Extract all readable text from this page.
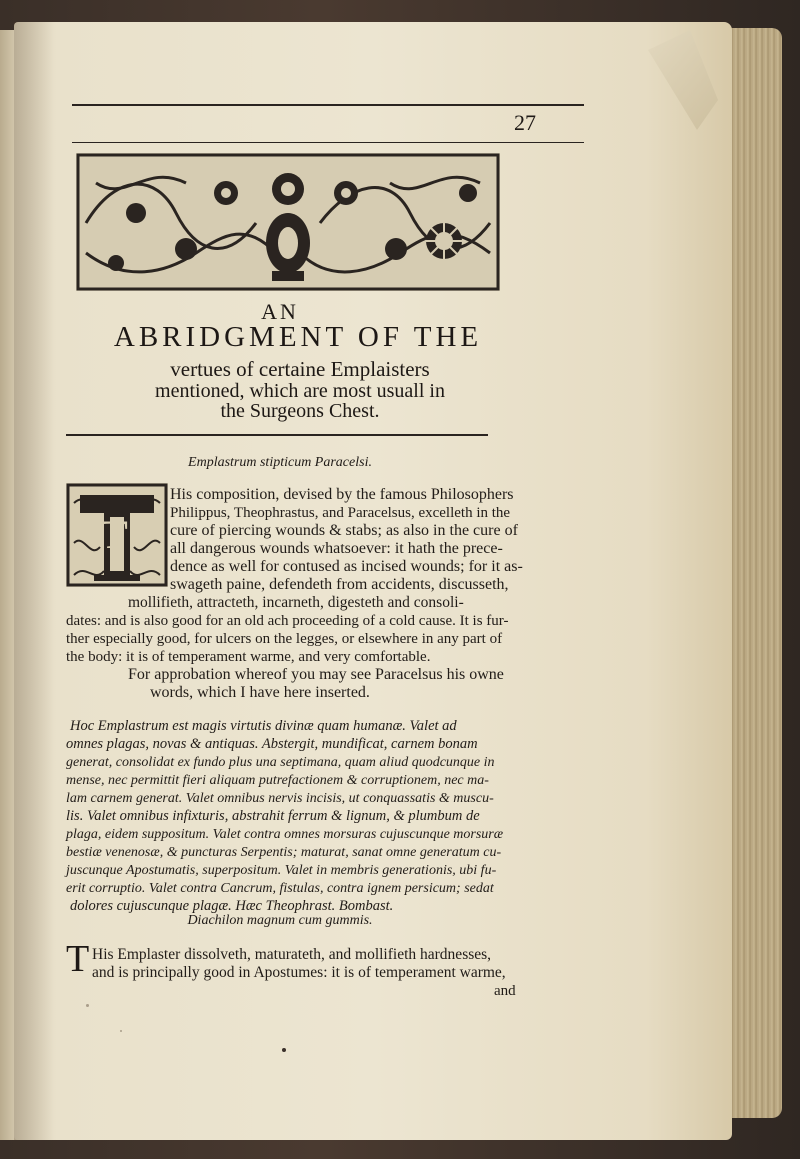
27
AN
ABRIDGMENT OF THE
vertues of certaine Emplaisters
mentioned, which are most usuall in
the Surgeons Chest.
Emplastrum stipticum Paracelsi.
T
His composition, devised by the famous Philosophers
Philippus, Theophrastus, and Paracelsus, excelleth in the
cure of piercing wounds & stabs; as also in the cure of
all dangerous wounds whatsoever: it hath the prece-
dence as well for contused as incised wounds; for it as-
swageth paine, defendeth from accidents, discusseth,
mollifieth, attracteth, incarneth, digesteth and consoli-
dates: and is also good for an old ach proceeding of a cold cause. It is fur-
ther especially good, for ulcers on the legges, or elsewhere in any part of
the body: it is of temperament warme, and very comfortable.
For approbation whereof you may see Paracelsus his owne
words, which I have here inserted.
Hoc Emplastrum est magis virtutis divinæ quam humanæ. Valet ad
omnes plagas, novas & antiquas. Abstergit, mundificat, carnem bonam
generat, consolidat ex fundo plus una septimana, quam aliud quodcunque in
mense, nec permittit fieri aliquam putrefactionem & corruptionem, nec ma-
lam carnem generat. Valet omnibus nervis incisis, ut conquassatis & muscu-
lis. Valet omnibus infixturis, abstrahit ferrum & lignum, & plumbum de
plaga, eidem suppositum. Valet contra omnes morsuras cujuscunque morsuræ
bestiæ venenosæ, & puncturas Serpentis; maturat, sanat omne generatum cu-
juscunque Apostumatis, superpositum. Valet in membris generationis, ubi fu-
erit corruptio. Valet contra Cancrum, fistulas, contra ignem persicum; sedat
dolores cujuscunque plagæ. Hæc Theophrast. Bombast.
Diachilon magnum cum gummis.
T His Emplaster dissolveth, maturateth, and mollifieth hardnesses,
and is principally good in Apostumes: it is of temperament warme,
and
